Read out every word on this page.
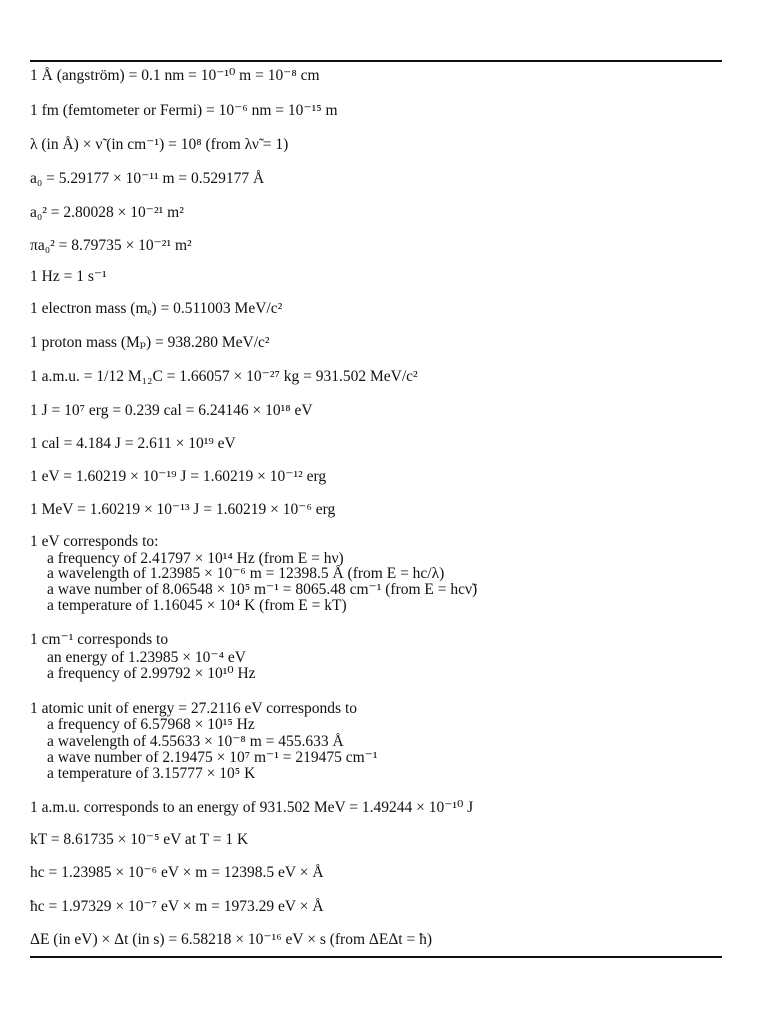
1 Å (angström) = 0.1 nm = 10⁻¹⁰ m = 10⁻⁸ cm
1 fm (femtometer or Fermi) = 10⁻⁶ nm = 10⁻¹⁵ m
λ (in Å) × ν̃ (in cm⁻¹) = 10⁸ (from λν̃ = 1)
a₀ = 5.29177 × 10⁻¹¹ m = 0.529177 Å
a₀² = 2.80028 × 10⁻²¹ m²
πa₀² = 8.79735 × 10⁻²¹ m²
1 Hz = 1 s⁻¹
1 electron mass (mₑ) = 0.511003 MeV/c²
1 proton mass (Mₚ) = 938.280 MeV/c²
1 a.m.u. = 1/12 M₁₂C = 1.66057 × 10⁻²⁷ kg = 931.502 MeV/c²
1 J = 10⁷ erg = 0.239 cal = 6.24146 × 10¹⁸ eV
1 cal = 4.184 J = 2.611 × 10¹⁹ eV
1 eV = 1.60219 × 10⁻¹⁹ J = 1.60219 × 10⁻¹² erg
1 MeV = 1.60219 × 10⁻¹³ J = 1.60219 × 10⁻⁶ erg
1 eV corresponds to:
a frequency of 2.41797 × 10¹⁴ Hz (from E = hν)
a wavelength of 1.23985 × 10⁻⁶ m = 12398.5 Å (from E = hc/λ)
a wave number of 8.06548 × 10⁵ m⁻¹ = 8065.48 cm⁻¹ (from E = hcν̃)
a temperature of 1.16045 × 10⁴ K (from E = kT)
1 cm⁻¹ corresponds to
an energy of 1.23985 × 10⁻⁴ eV
a frequency of 2.99792 × 10¹⁰ Hz
1 atomic unit of energy = 27.2116 eV corresponds to
a frequency of 6.57968 × 10¹⁵ Hz
a wavelength of 4.55633 × 10⁻⁸ m = 455.633 Å
a wave number of 2.19475 × 10⁷ m⁻¹ = 219475 cm⁻¹
a temperature of 3.15777 × 10⁵ K
1 a.m.u. corresponds to an energy of 931.502 MeV = 1.49244 × 10⁻¹⁰ J
kT = 8.61735 × 10⁻⁵ eV at T = 1 K
hc = 1.23985 × 10⁻⁶ eV × m = 12398.5 eV × Å
ħc = 1.97329 × 10⁻⁷ eV × m = 1973.29 eV × Å
ΔE (in eV) × Δt (in s) = 6.58218 × 10⁻¹⁶ eV × s (from ΔEΔt = ħ)
